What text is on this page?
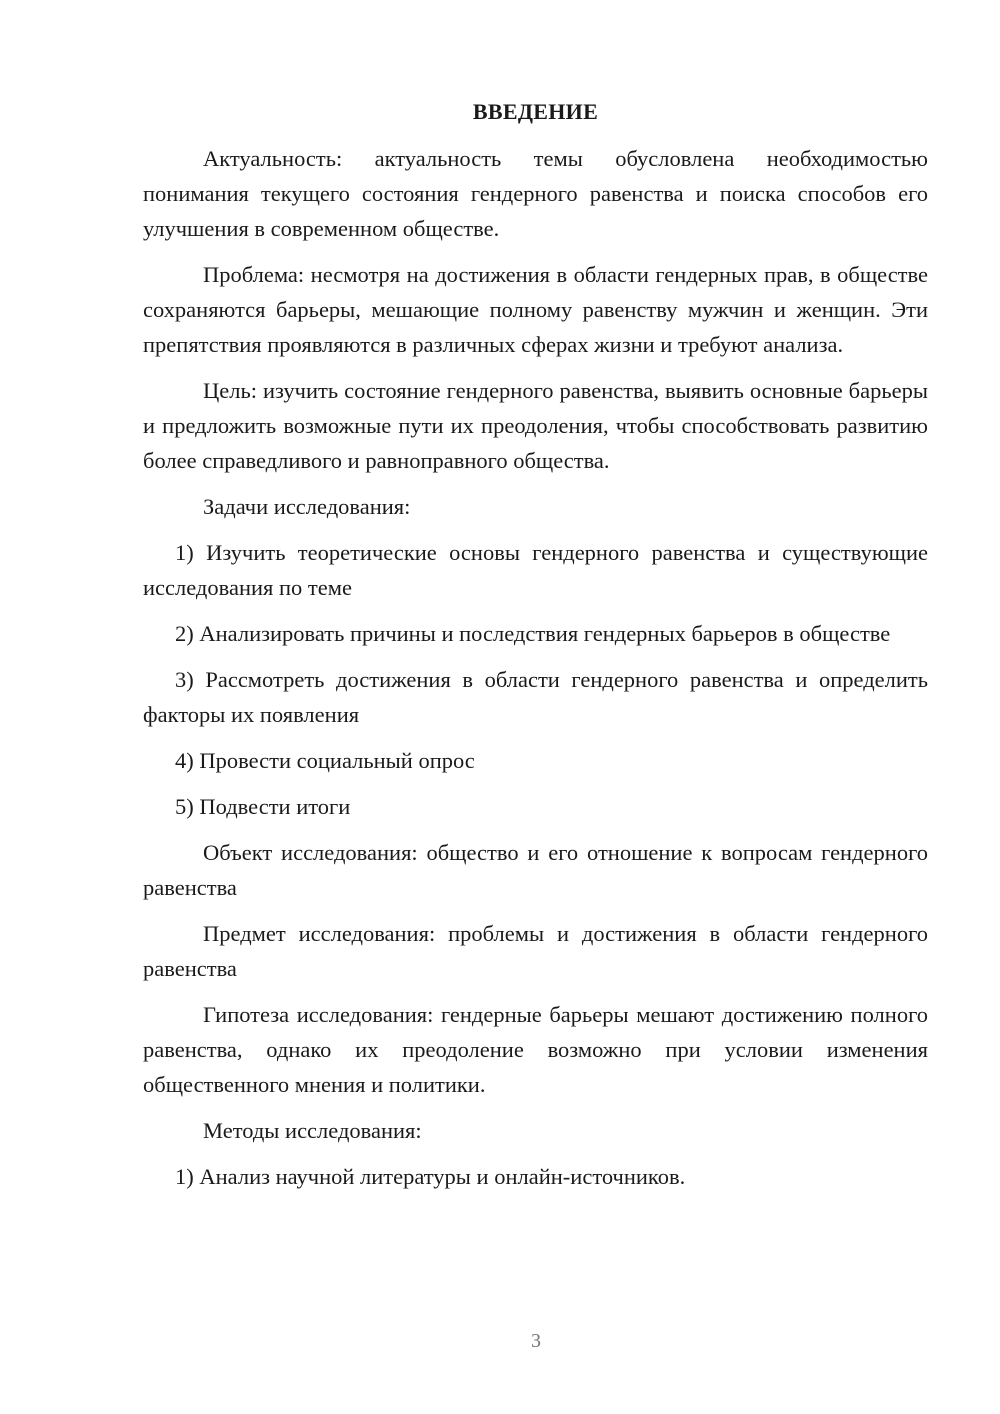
ВВЕДЕНИЕ

Актуальность: актуальность темы обусловлена необходимостью понимания текущего состояния гендерного равенства и поиска способов его улучшения в современном обществе.

Проблема: несмотря на достижения в области гендерных прав, в обществе сохраняются барьеры, мешающие полному равенству мужчин и женщин. Эти препятствия проявляются в различных сферах жизни и требуют анализа.

Цель: изучить состояние гендерного равенства, выявить основные барьеры и предложить возможные пути их преодоления, чтобы способствовать развитию более справедливого и равноправного общества.

Задачи исследования:

1) Изучить теоретические основы гендерного равенства и существующие исследования по теме

2) Анализировать причины и последствия гендерных барьеров в обществе

3) Рассмотреть достижения в области гендерного равенства и определить факторы их появления

4) Провести социальный опрос

5) Подвести итоги

Объект исследования: общество и его отношение к вопросам гендерного равенства

Предмет исследования: проблемы и достижения в области гендерного равенства

Гипотеза исследования: гендерные барьеры мешают достижению полного равенства, однако их преодоление возможно при условии изменения общественного мнения и политики.

Методы исследования:

1) Анализ научной литературы и онлайн-источников.

3
